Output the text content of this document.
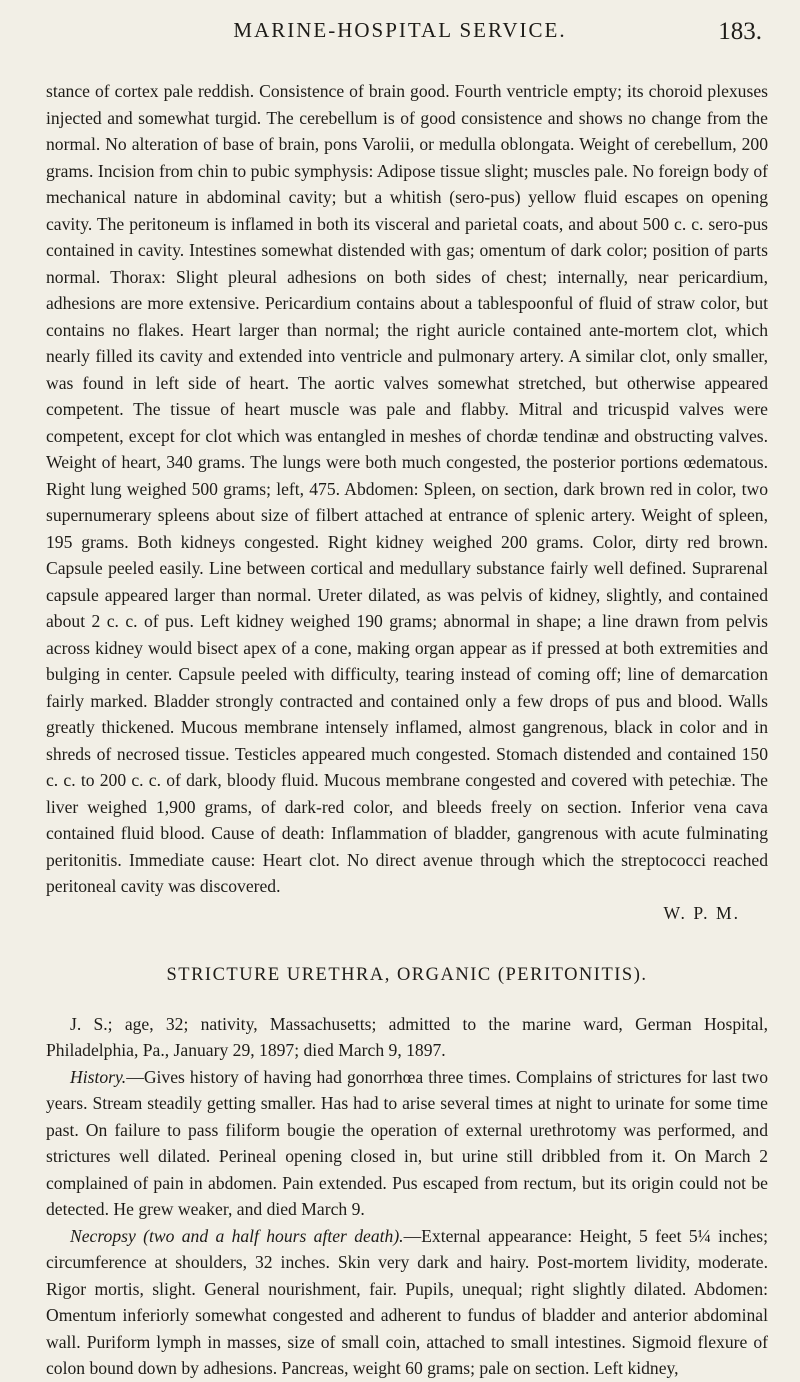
MARINE-HOSPITAL SERVICE.	183.

stance of cortex pale reddish. Consistence of brain good. Fourth ventricle empty; its choroid plexuses injected and somewhat turgid. The cerebellum is of good consistence and shows no change from the normal. No alteration of base of brain, pons Varolii, or medulla oblongata. Weight of cerebellum, 200 grams. Incision from chin to pubic symphysis: Adipose tissue slight; muscles pale. No foreign body of mechanical nature in abdominal cavity; but a whitish (sero-pus) yellow fluid escapes on opening cavity. The peritoneum is inflamed in both its visceral and parietal coats, and about 500 c. c. sero-pus contained in cavity. Intestines somewhat distended with gas; omentum of dark color; position of parts normal. Thorax: Slight pleural adhesions on both sides of chest; internally, near pericardium, adhesions are more extensive. Pericardium contains about a tablespoonful of fluid of straw color, but contains no flakes. Heart larger than normal; the right auricle contained ante-mortem clot, which nearly filled its cavity and extended into ventricle and pulmonary artery. A similar clot, only smaller, was found in left side of heart. The aortic valves somewhat stretched, but otherwise appeared competent. The tissue of heart muscle was pale and flabby. Mitral and tricuspid valves were competent, except for clot which was entangled in meshes of chordæ tendinæ and obstructing valves. Weight of heart, 340 grams. The lungs were both much congested, the posterior portions œdematous. Right lung weighed 500 grams; left, 475. Abdomen: Spleen, on section, dark brown red in color, two supernumerary spleens about size of filbert attached at entrance of splenic artery. Weight of spleen, 195 grams. Both kidneys congested. Right kidney weighed 200 grams. Color, dirty red brown. Capsule peeled easily. Line between cortical and medullary substance fairly well defined. Suprarenal capsule appeared larger than normal. Ureter dilated, as was pelvis of kidney, slightly, and contained about 2 c. c. of pus. Left kidney weighed 190 grams; abnormal in shape; a line drawn from pelvis across kidney would bisect apex of a cone, making organ appear as if pressed at both extremities and bulging in center. Capsule peeled with difficulty, tearing instead of coming off; line of demarcation fairly marked. Bladder strongly contracted and contained only a few drops of pus and blood. Walls greatly thickened. Mucous membrane intensely inflamed, almost gangrenous, black in color and in shreds of necrosed tissue. Testicles appeared much congested. Stomach distended and contained 150 c. c. to 200 c. c. of dark, bloody fluid. Mucous membrane congested and covered with petechiæ. The liver weighed 1,900 grams, of dark-red color, and bleeds freely on section. Inferior vena cava contained fluid blood. Cause of death: Inflammation of bladder, gangrenous with acute fulminating peritonitis. Immediate cause: Heart clot. No direct avenue through which the streptococci reached peritoneal cavity was discovered.

W. P. M.

STRICTURE URETHRA, ORGANIC (PERITONITIS).

J. S.; age, 32; nativity, Massachusetts; admitted to the marine ward, German Hospital, Philadelphia, Pa., January 29, 1897; died March 9, 1897.

History.—Gives history of having had gonorrhœa three times. Complains of strictures for last two years. Stream steadily getting smaller. Has had to arise several times at night to urinate for some time past. On failure to pass filiform bougie the operation of external urethrotomy was performed, and strictures well dilated. Perineal opening closed in, but urine still dribbled from it. On March 2 complained of pain in abdomen. Pain extended. Pus escaped from rectum, but its origin could not be detected. He grew weaker, and died March 9.

Necropsy (two and a half hours after death).—External appearance: Height, 5 feet 5¼ inches; circumference at shoulders, 32 inches. Skin very dark and hairy. Post-mortem lividity, moderate. Rigor mortis, slight. General nourishment, fair. Pupils, unequal; right slightly dilated. Abdomen: Omentum inferiorly somewhat congested and adherent to fundus of bladder and anterior abdominal wall. Puriform lymph in masses, size of small coin, attached to small intestines. Sigmoid flexure of colon bound down by adhesions. Pancreas, weight 60 grams; pale on section. Left kidney,
